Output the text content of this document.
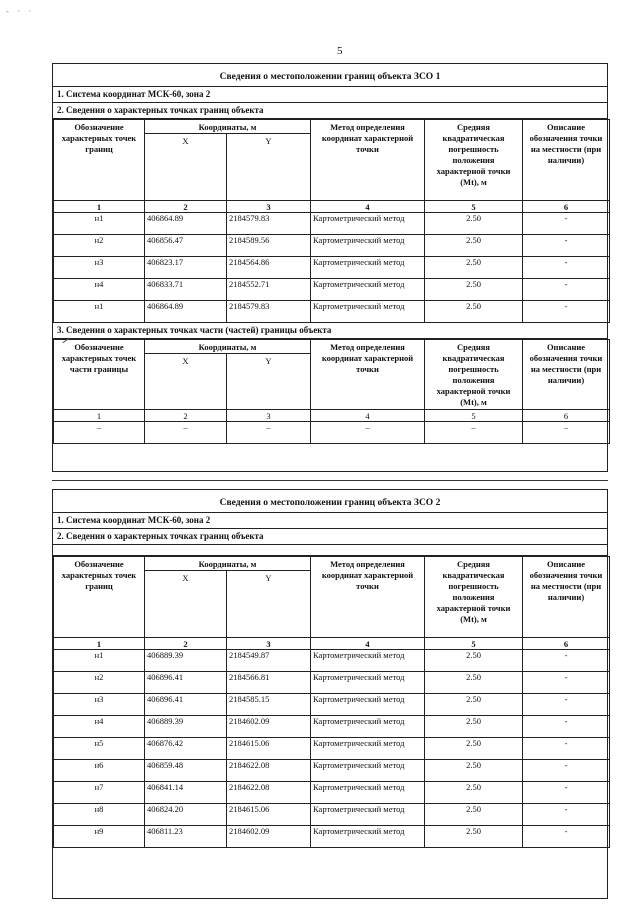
- · ·
5
Сведения о местоположении границ объекта ЗСО 1
1. Система координат МСК-60, зона 2
2. Сведения о характерных точках границ объекта
Обозначение характерных точек границ	Координаты, м		Метод определения координат характерной точки	Средняя квадратическая погрешность положения характерной точки (Mt), м	Описание обозначения точки на местности (при наличии)
	X	Y			
1	2	3	4	5	6
н1	406864.89	2184579.83	Картометрический метод	2.50	-
н2	406856.47	2184589.56	Картометрический метод	2.50	-
н3	406823.17	2184564.86	Картометрический метод	2.50	-
н4	406833.71	2184552.71	Картометрический метод	2.50	-
н1	406864.89	2184579.83	Картометрический метод	2.50	-
3. Сведения о характерных точках части (частей) границы объекта
Обозначение характерных точек части границы	Координаты, м		Метод определения координат характерной точки	Средняя квадратическая погрешность положения характерной точки (Mt), м	Описание обозначения точки на местности (при наличии)
	X	Y			
1	2	3	4	5	6
–	–	–	–	–	–
Сведения о местоположении границ объекта ЗСО 2
1. Система координат МСК-60, зона 2
2. Сведения о характерных точках границ объекта
Обозначение характерных точек границ	Координаты, м		Метод определения координат характерной точки	Средняя квадратическая погрешность положения характерной точки (Mt), м	Описание обозначения точки на местности (при наличии)
	X	Y			
1	2	3	4	5	6
н1	406889.39	2184549.87	Картометрический метод	2.50	-
н2	406896.41	2184566.81	Картометрический метод	2.50	-
н3	406896.41	2184585.15	Картометрический метод	2.50	-
н4	406889.39	2184602.09	Картометрический метод	2.50	-
н5	406876.42	2184615.06	Картометрический метод	2.50	-
н6	406859.48	2184622.08	Картометрический метод	2.50	-
н7	406841.14	2184622.08	Картометрический метод	2.50	-
н8	406824.20	2184615.06	Картометрический метод	2.50	-
н9	406811.23	2184602.09	Картометрический метод	2.50	-
